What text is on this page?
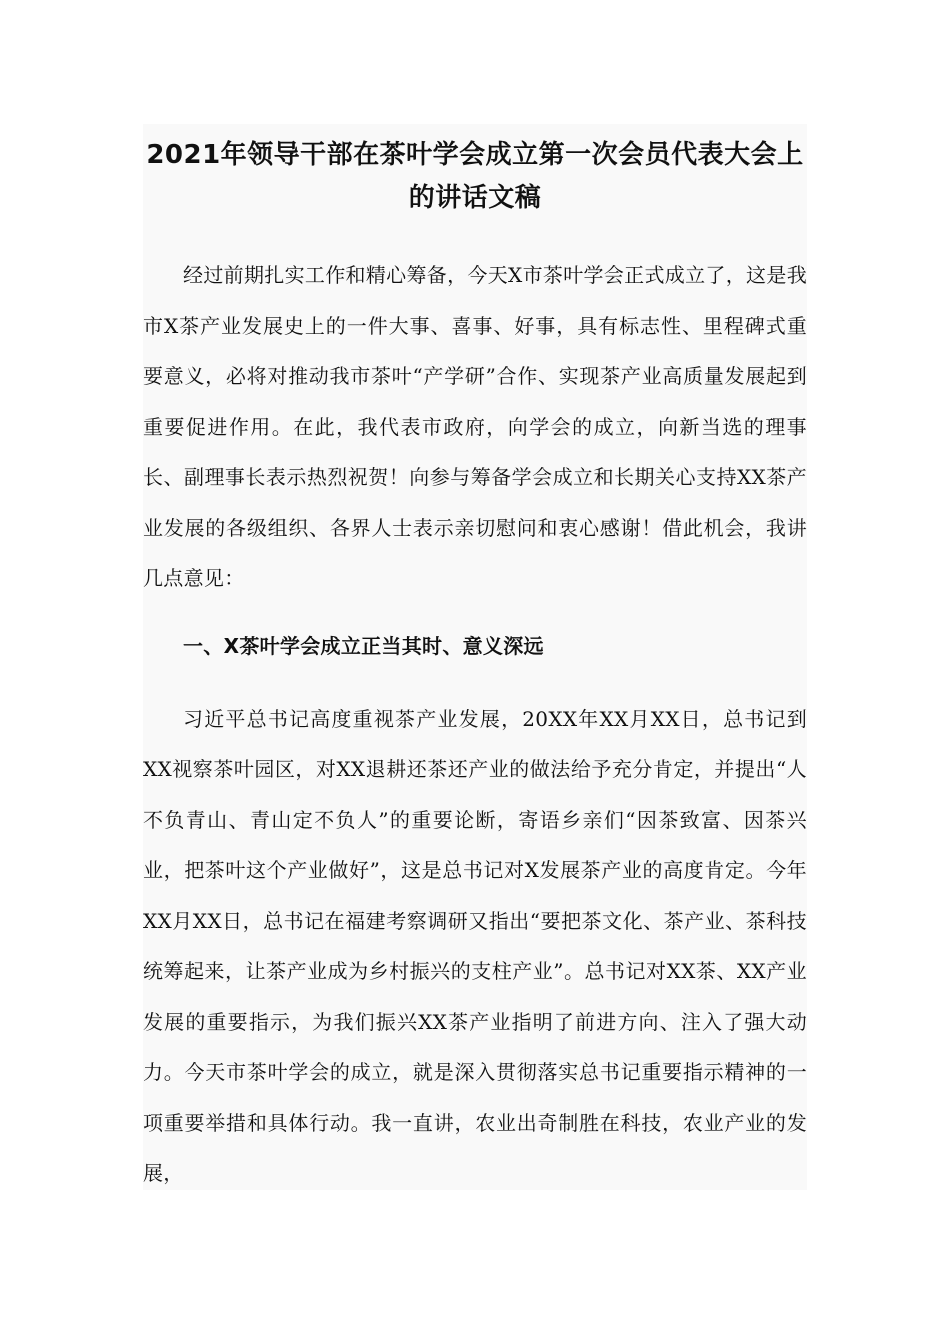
2021年领导干部在茶叶学会成立第一次会员代表大会上的讲话文稿

经过前期扎实工作和精心筹备，今天X市茶叶学会正式成立了，这是我市X茶产业发展史上的一件大事、喜事、好事，具有标志性、里程碑式重要意义，必将对推动我市茶叶“产学研”合作、实现茶产业高质量发展起到重要促进作用。在此，我代表市政府，向学会的成立，向新当选的理事长、副理事长表示热烈祝贺！向参与筹备学会成立和长期关心支持XX茶产业发展的各级组织、各界人士表示亲切慰问和衷心感谢！借此机会，我讲几点意见：

一、X茶叶学会成立正当其时、意义深远

习近平总书记高度重视茶产业发展，20XX年XX月XX日，总书记到XX视察茶叶园区，对XX退耕还茶还产业的做法给予充分肯定，并提出“人不负青山、青山定不负人”的重要论断，寄语乡亲们“因茶致富、因茶兴业，把茶叶这个产业做好”，这是总书记对X发展茶产业的高度肯定。今年XX月XX日，总书记在福建考察调研又指出“要把茶文化、茶产业、茶科技统筹起来，让茶产业成为乡村振兴的支柱产业”。总书记对XX茶、XX产业发展的重要指示，为我们振兴XX茶产业指明了前进方向、注入了强大动力。今天市茶叶学会的成立，就是深入贯彻落实总书记重要指示精神的一项重要举措和具体行动。我一直讲，农业出奇制胜在科技，农业产业的发展，
